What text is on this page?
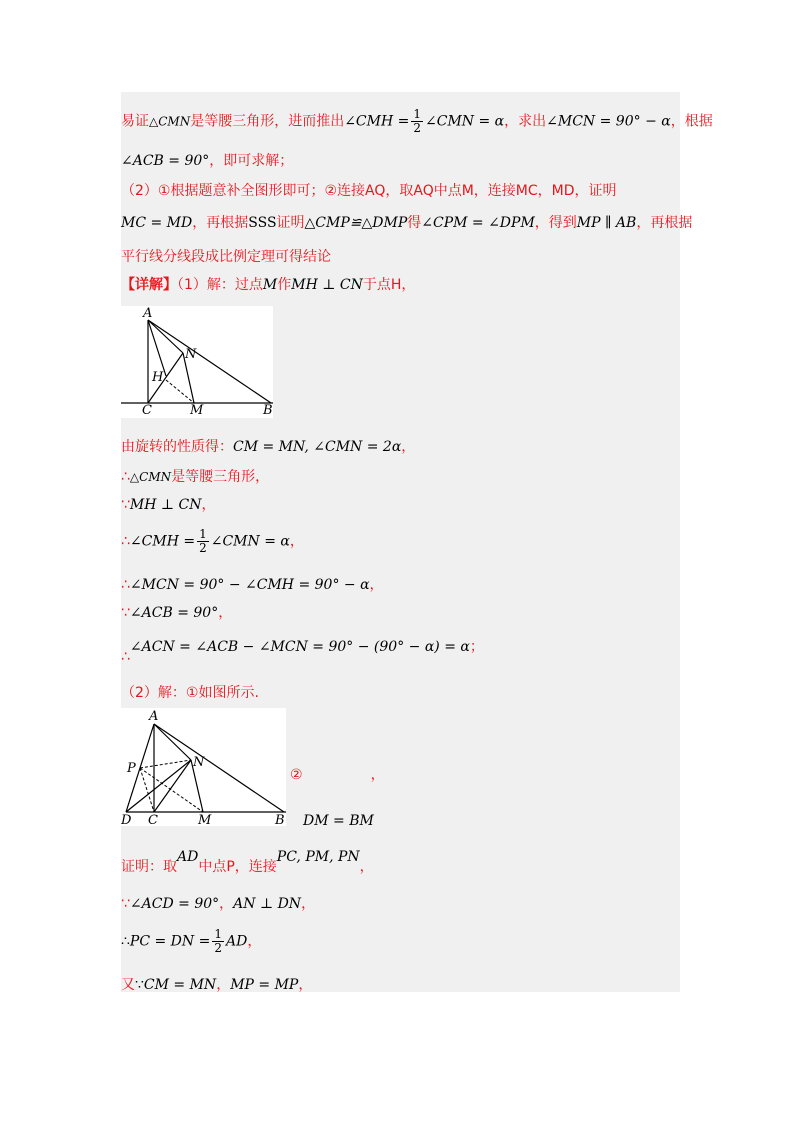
易证△CMN是等腰三角形，进而推出∠CMH = $\frac{1}{2}$ ∠CMN = α，求出∠MCN = 90° − α，根据
∠ACB = 90°，即可求解；
（2）①根据题意补全图形即可；②连接AQ，取AQ中点M，连接MC，MD，证明
MC = MD，再根据SSS证明△CMP≌△DMP得∠CPM = ∠DPM，得到MP ∥ AB，再根据
平行线分线段成比例定理可得结论
【详解】（1）解：过点M作MH ⊥ CN于点H，
A
N
H
C	M	B
由旋转的性质得：CM = MN, ∠CMN = 2α，
∴△CMN是等腰三角形，
∵MH ⊥ CN，
∴∠CMH = $\frac{1}{2}$ ∠CMN = α，
∴∠MCN = 90° − ∠CMH = 90° − α，
∵∠ACB = 90°，
∴∠ACN = ∠ACB − ∠MCN = 90° − (90° − α) = α；
（2）解：①如图所示.
A
P	N
D C	M	B
②	，
DM = BM
证明：取AD中点P，连接PC, PM, PN，
∵∠ACD = 90°，AN ⊥ DN，
∴PC = DN = $\frac{1}{2}$ AD，
又∵CM = MN，MP = MP，
